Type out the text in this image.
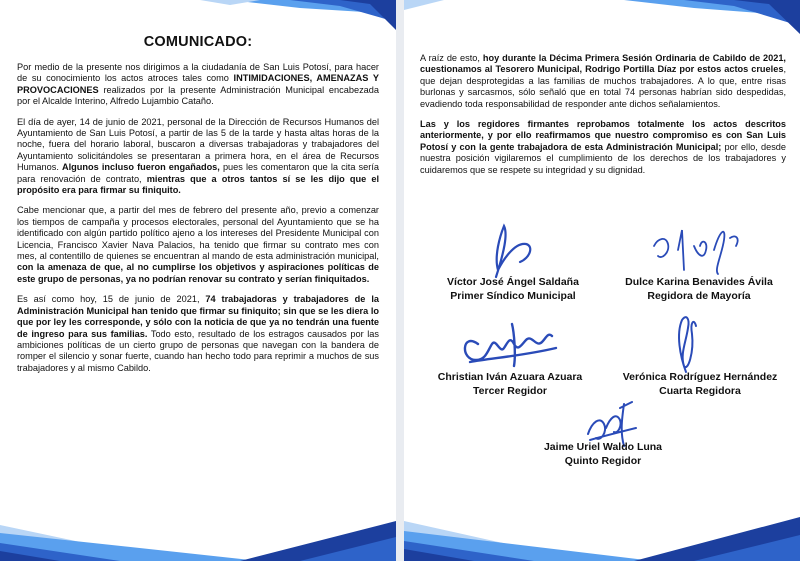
COMUNICADO:

Por medio de la presente nos dirigimos a la ciudadanía de San Luis Potosí, para hacer de su conocimiento los actos atroces tales como INTIMIDACIONES, AMENAZAS Y PROVOCACIONES realizados por la presente Administración Municipal encabezada por el Alcalde Interino, Alfredo Lujambio Cataño.

El día de ayer, 14 de junio de 2021, personal de la Dirección de Recursos Humanos del Ayuntamiento de San Luis Potosí, a partir de las 5 de la tarde y hasta altas horas de la noche, fuera del horario laboral, buscaron a diversas trabajadoras y trabajadores del Ayuntamiento solicitándoles se presentaran a primera hora, en el área de Recursos Humanos. Algunos incluso fueron engañados, pues les comentaron que la cita sería para renovación de contrato, mientras que a otros tantos sí se les dijo que el propósito era para firmar su finiquito.

Cabe mencionar que, a partir del mes de febrero del presente año, previo a comenzar los tiempos de campaña y procesos electorales, personal del Ayuntamiento que se ha identificado con algún partido político ajeno a los intereses del Presidente Municipal con Licencia, Francisco Xavier Nava Palacios, ha tenido que firmar su contrato mes con mes, al contentillo de quienes se encuentran al mando de esta administración municipal, con la amenaza de que, al no cumplirse los objetivos y aspiraciones políticas de este grupo de personas, ya no podrían renovar su contrato y serían finiquitados.

Es así como hoy, 15 de junio de 2021, 74 trabajadoras y trabajadores de la Administración Municipal han tenido que firmar su finiquito; sin que se les diera lo que por ley les corresponde, y sólo con la noticia de que ya no tendrán una fuente de ingreso para sus familias. Todo esto, resultado de los estragos causados por las ambiciones políticas de un cierto grupo de personas que navegan con la bandera de romper el silencio y sonar fuerte, cuando han hecho todo para reprimir a muchos de sus trabajadores y al mismo Cabildo.

A raíz de esto, hoy durante la Décima Primera Sesión Ordinaria de Cabildo de 2021, cuestionamos al Tesorero Municipal, Rodrigo Portilla Díaz por estos actos crueles, que dejan desprotegidas a las familias de muchos trabajadores. A lo que, entre risas burlonas y sarcasmos, sólo señaló que en total 74 personas habrían sido despedidas, evadiendo toda responsabilidad de responder ante dichos señalamientos.

Las y los regidores firmantes reprobamos totalmente los actos descritos anteriormente, y por ello reafirmamos que nuestro compromiso es con San Luis Potosí y con la gente trabajadora de esta Administración Municipal; por ello, desde nuestra posición vigilaremos el cumplimiento de los derechos de los trabajadores y cuidaremos que se respete su integridad y su dignidad.

Víctor José Ángel Saldaña
Primer Síndico Municipal
Dulce Karina Benavides Ávila
Regidora de Mayoría
Christian Iván Azuara Azuara
Tercer Regidor
Verónica Rodríguez Hernández
Cuarta Regidora
Jaime Uriel Waldo Luna
Quinto Regidor
